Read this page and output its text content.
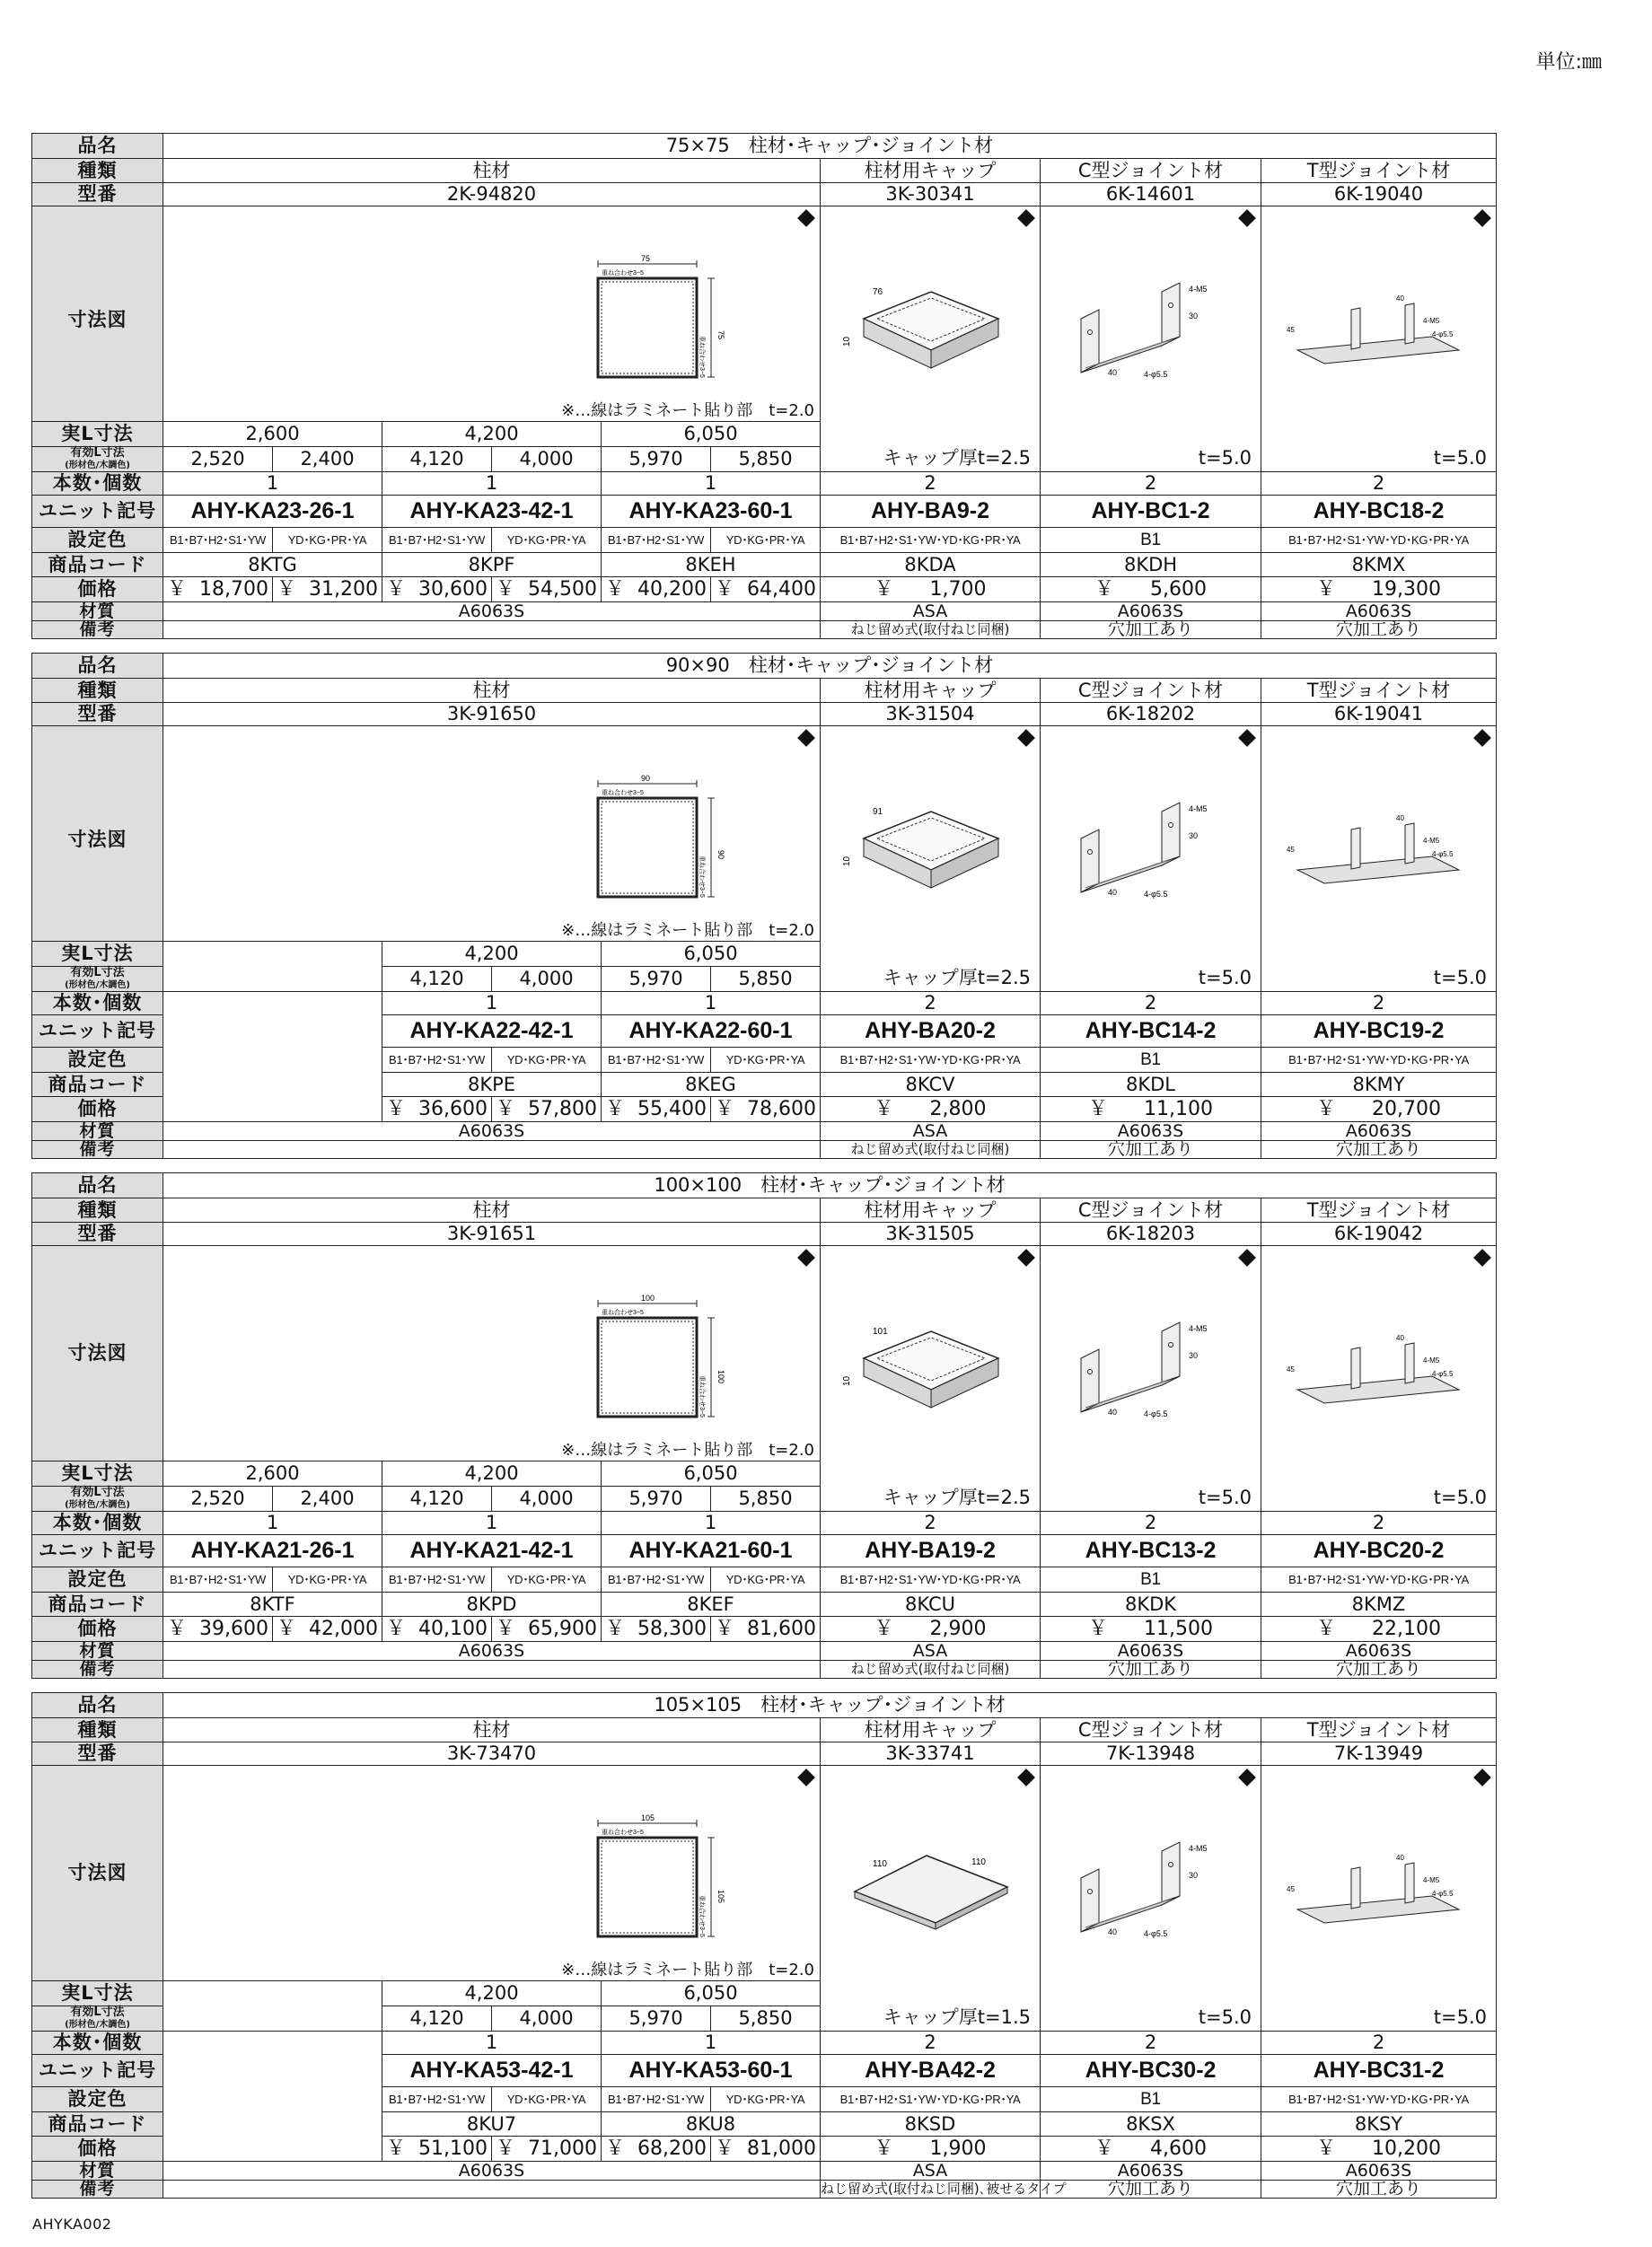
単位:㎜
品名	75×75　柱材･キャップ･ジョイント材								
種類	柱材						柱材用キャップ	C型ジョイント材	T型ジョイント材
型番	2K-94820						3K-30341	6K-14601	6K-19040

寸法図	75
75
重ね合わせ3~5
重ね合わせ3~5
※…線はラミネート貼り部　t=2.0						76
10
キャップ厚t=2.5	4-M5
30
4-φ5.5
40
t=5.0	40
4-M5
4-φ5.5
45
t=5.0

実L寸法	2,600		4,200		6,050				
有効L寸法
(形材色/木調色)	2,520	2,400	4,120	4,000	5,970	5,850			
本数･個数	1		1		1		2	2	2
ユニット記号	AHY-KA23-26-1		AHY-KA23-42-1		AHY-KA23-60-1		AHY-BA9-2	AHY-BC1-2	AHY-BC18-2
設定色	B1･B7･H2･S1･YW	YD･KG･PR･YA	B1･B7･H2･S1･YW	YD･KG･PR･YA	B1･B7･H2･S1･YW	YD･KG･PR･YA	B1･B7･H2･S1･YW･YD･KG･PR･YA	B1	B1･B7･H2･S1･YW･YD･KG･PR･YA
商品コード	8KTG		8KPF		8KEH		8KDA	8KDH	8KMX
価格	￥ 18,700	￥ 31,200	￥ 30,600	￥ 54,500	￥ 40,200	￥ 64,400	￥ 1,700	￥ 5,600	￥ 19,300

材質	A6063S						ASA	A6063S	A6063S
備考							ねじ留め式(取付ねじ同梱)	穴加工あり	穴加工あり
品名	90×90　柱材･キャップ･ジョイント材							
種類	柱材					柱材用キャップ	C型ジョイント材	T型ジョイント材
型番	3K-91650					3K-31504	6K-18202	6K-19041

寸法図	90
90
重ね合わせ3~5
重ね合わせ3~5
※…線はラミネート貼り部　t=2.0					91
10
キャップ厚t=2.5	4-M5
30
4-φ5.5
40
t=5.0	40
4-M5
4-φ5.5
45
t=5.0

実L寸法		4,200		6,050				
有効L寸法
(形材色/木調色)		4,120	4,000	5,970	5,850			
本数･個数		1		1		2	2	2
ユニット記号		AHY-KA22-42-1		AHY-KA22-60-1		AHY-BA20-2	AHY-BC14-2	AHY-BC19-2
設定色		B1･B7･H2･S1･YW	YD･KG･PR･YA	B1･B7･H2･S1･YW	YD･KG･PR･YA	B1･B7･H2･S1･YW･YD･KG･PR･YA	B1	B1･B7･H2･S1･YW･YD･KG･PR･YA
商品コード		8KPE		8KEG		8KCV	8KDL	8KMY
価格		￥ 36,600	￥ 57,800	￥ 55,400	￥ 78,600	￥ 2,800	￥ 11,100	￥ 20,700

材質	A6063S					ASA	A6063S	A6063S
備考						ねじ留め式(取付ねじ同梱)	穴加工あり	穴加工あり
品名	100×100　柱材･キャップ･ジョイント材								
種類	柱材						柱材用キャップ	C型ジョイント材	T型ジョイント材
型番	3K-91651						3K-31505	6K-18203	6K-19042
寸法図	100
100
重ね合わせ3~5
重ね合わせ3~5
※…線はラミネート貼り部　t=2.0						101
10
キャップ厚t=2.5	4-M5
30
4-φ5.5
40
t=5.0	40
4-M5
4-φ5.5
45
t=5.0

実L寸法	2,600		4,200		6,050				
有効L寸法
(形材色/木調色)	2,520	2,400	4,120	4,000	5,970	5,850			
本数･個数	1		1		1		2	2	2
ユニット記号	AHY-KA21-26-1		AHY-KA21-42-1		AHY-KA21-60-1		AHY-BA19-2	AHY-BC13-2	AHY-BC20-2
設定色	B1･B7･H2･S1･YW	YD･KG･PR･YA	B1･B7･H2･S1･YW	YD･KG･PR･YA	B1･B7･H2･S1･YW	YD･KG･PR･YA	B1･B7･H2･S1･YW･YD･KG･PR･YA	B1	B1･B7･H2･S1･YW･YD･KG･PR･YA
商品コード	8KTF		8KPD		8KEF		8KCU	8KDK	8KMZ
価格	￥ 39,600	￥ 42,000	￥ 40,100	￥ 65,900	￥ 58,300	￥ 81,600	￥ 2,900	￥ 11,500	￥ 22,100

材質	A6063S						ASA	A6063S	A6063S
備考							ねじ留め式(取付ねじ同梱)	穴加工あり	穴加工あり
品名	105×105　柱材･キャップ･ジョイント材							
種類	柱材					柱材用キャップ	C型ジョイント材	T型ジョイント材
型番	3K-73470					3K-33741	7K-13948	7K-13949
寸法図	105
105
重ね合わせ3~5
重ね合わせ3~5
※…線はラミネート貼り部　t=2.0					110 110
キャップ厚t=1.5	4-M5
30
4-φ5.5
40
t=5.0	40
4-M5
4-φ5.5
45
t=5.0

実L寸法		4,200		6,050				
有効L寸法
(形材色/木調色)		4,120	4,000	5,970	5,850			
本数･個数		1		1		2	2	2
ユニット記号		AHY-KA53-42-1		AHY-KA53-60-1		AHY-BA42-2	AHY-BC30-2	AHY-BC31-2
設定色		B1･B7･H2･S1･YW	YD･KG･PR･YA	B1･B7･H2･S1･YW	YD･KG･PR･YA	B1･B7･H2･S1･YW･YD･KG･PR･YA	B1	B1･B7･H2･S1･YW･YD･KG･PR･YA
商品コード		8KU7		8KU8		8KSD	8KSX	8KSY
価格		￥ 51,100	￥ 71,000	￥ 68,200	￥ 81,000	￥ 1,900	￥ 4,600	￥ 10,200

材質	A6063S					ASA	A6063S	A6063S
備考						ねじ留め式(取付ねじ同梱)､被せるタイプ	穴加工あり	穴加工あり
AHYKA002
